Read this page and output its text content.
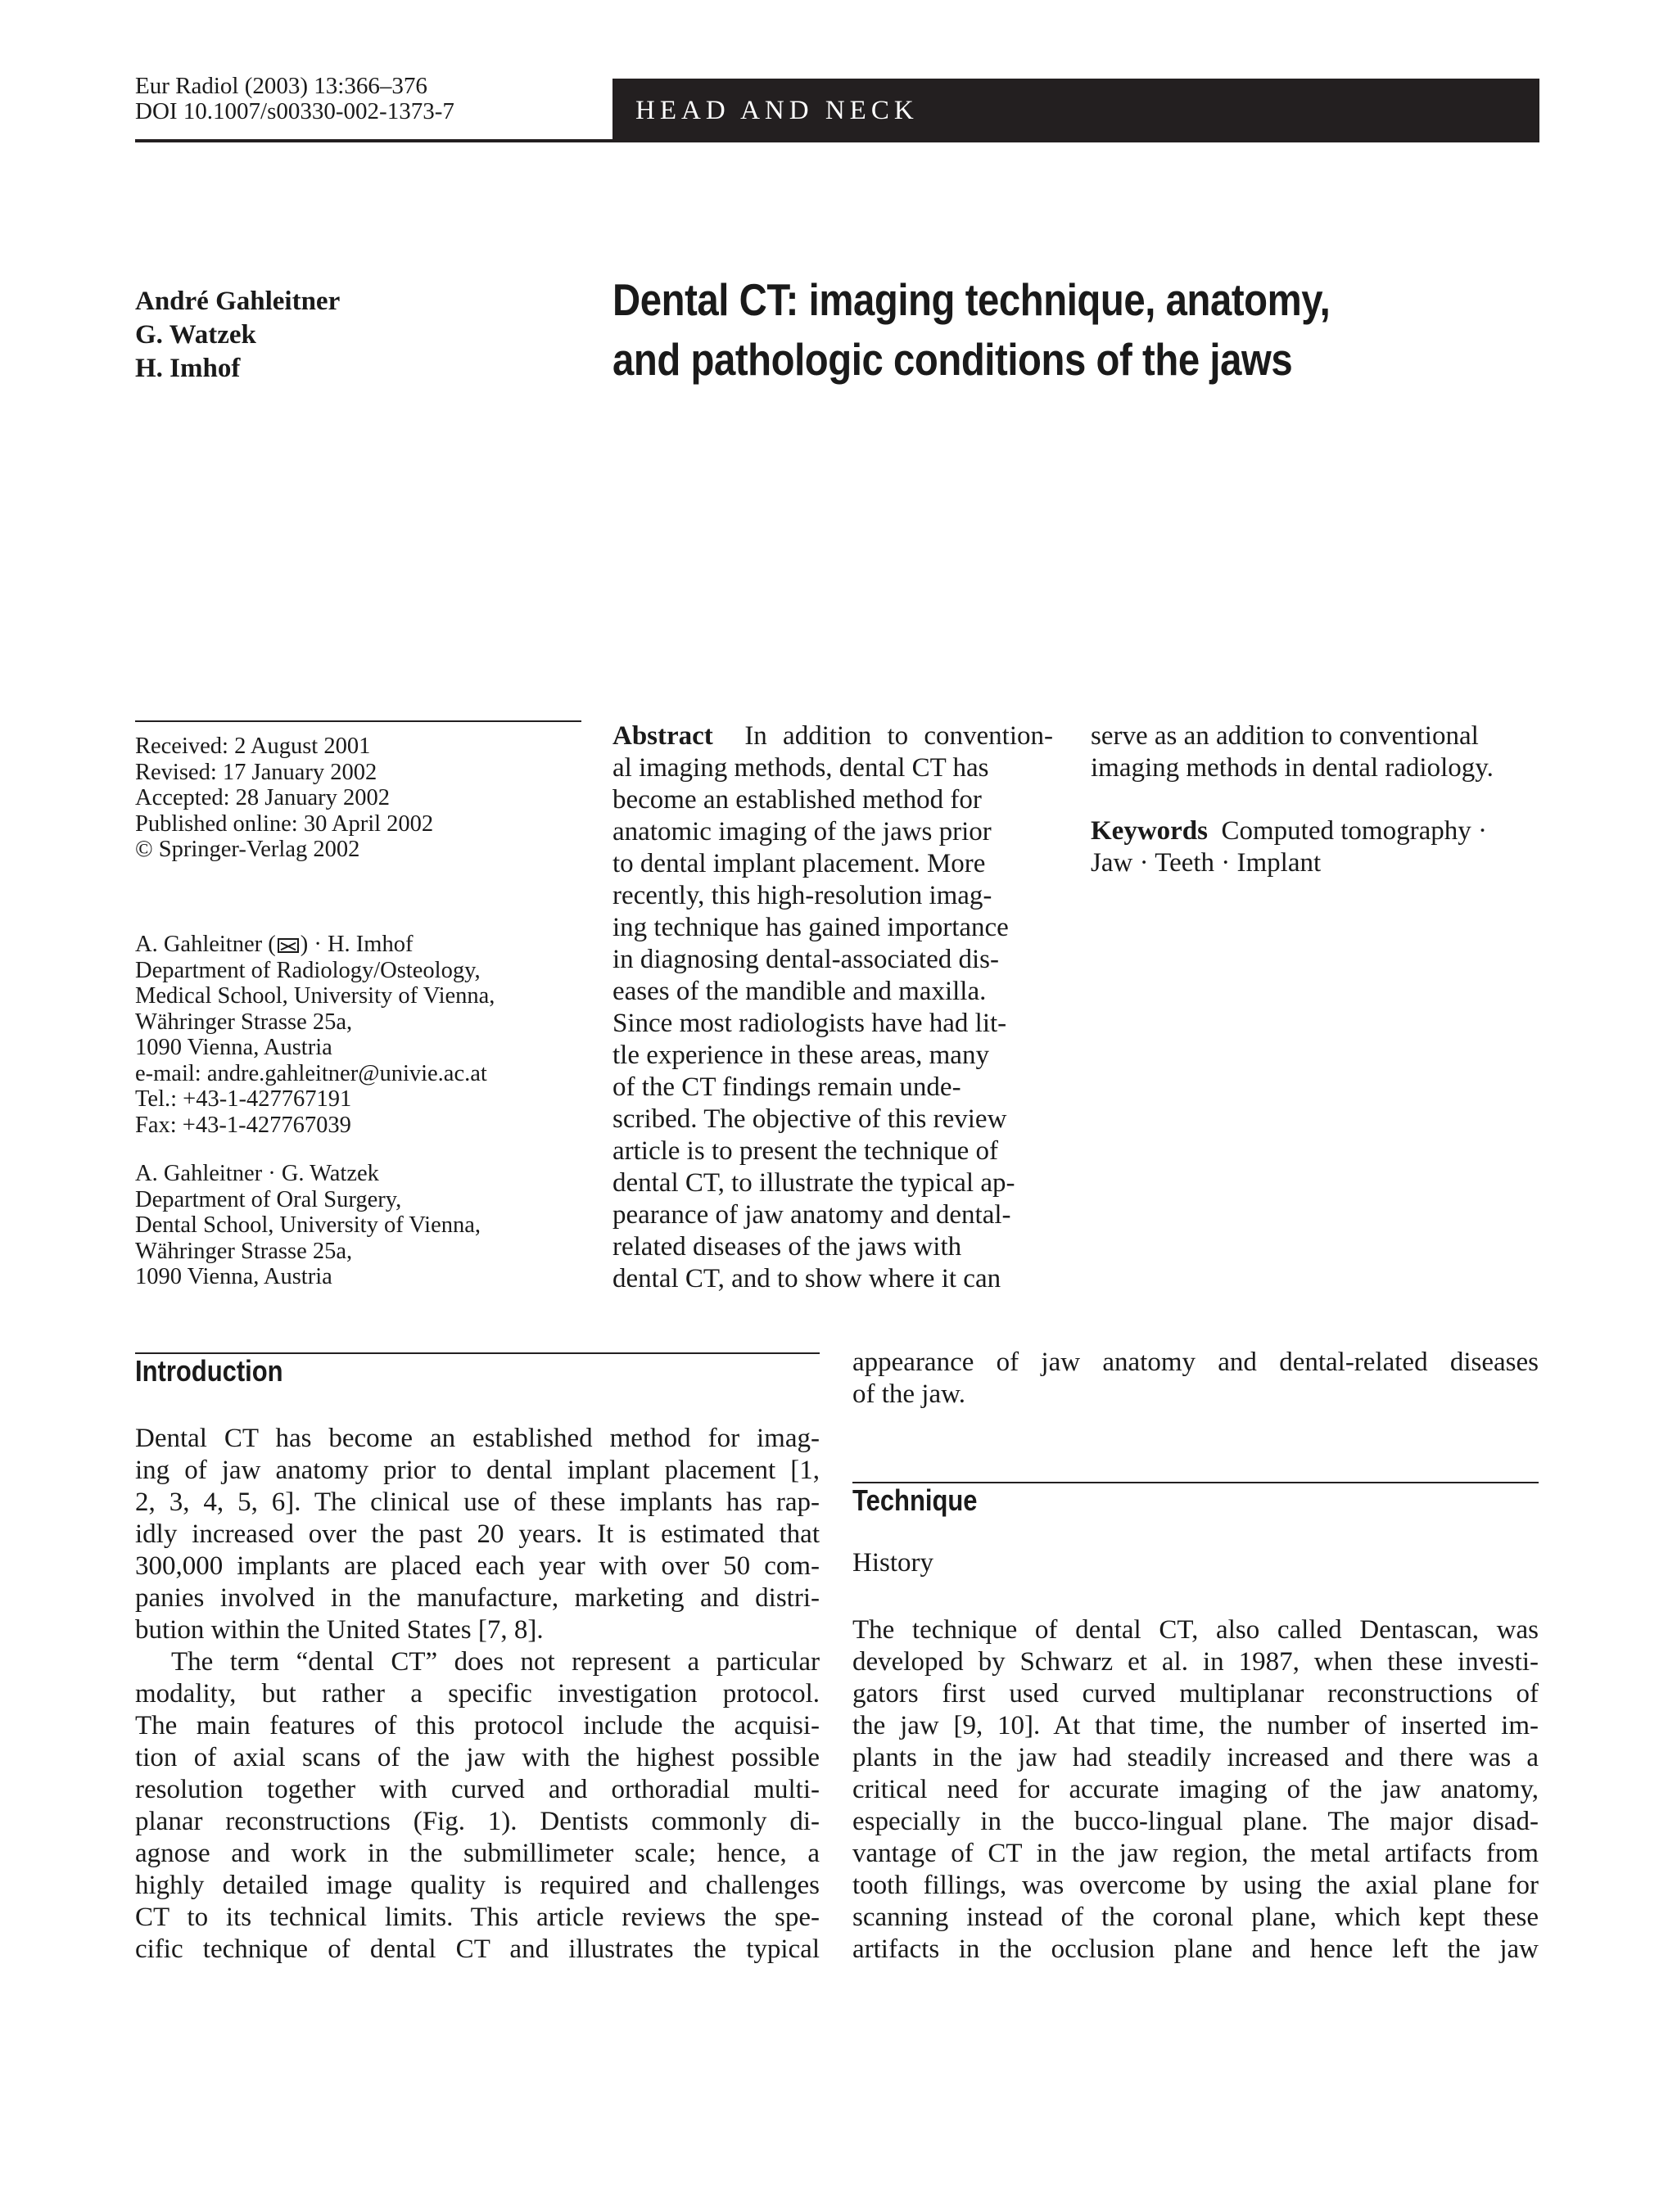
Eur Radiol (2003) 13:366–376
DOI 10.1007/s00330-002-1373-7	HEAD AND NECK
André Gahleitner
G. Watzek
H. Imhof
Dental CT: imaging technique, anatomy,
and pathologic conditions of the jaws
Received: 2 August 2001
Revised: 17 January 2002
Accepted: 28 January 2002
Published online: 30 April 2002
© Springer-Verlag 2002
A. Gahleitner ( ) · H. Imhof
Department of Radiology/Osteology,
Medical School, University of Vienna,
Währinger Strasse 25a,
1090 Vienna, Austria
e-mail: andre.gahleitner@univie.ac.at
Tel.: +43-1-427767191
Fax: +43-1-427767039
A. Gahleitner · G. Watzek
Department of Oral Surgery,
Dental School, University of Vienna,
Währinger Strasse 25a,
1090 Vienna, Austria
Abstract In addition to convention-
al imaging methods, dental CT has
become an established method for
anatomic imaging of the jaws prior
to dental implant placement. More
recently, this high-resolution imag-
ing technique has gained importance
in diagnosing dental-associated dis-
eases of the mandible and maxilla.
Since most radiologists have had lit-
tle experience in these areas, many
of the CT findings remain unde-
scribed. The objective of this review
article is to present the technique of
dental CT, to illustrate the typical ap-
pearance of jaw anatomy and dental-
related diseases of the jaws with
dental CT, and to show where it can
serve as an addition to conventional
imaging methods in dental radiology.
Keywords Computed tomography ·
Jaw · Teeth · Implant
Introduction
Dental CT has become an established method for imag-
ing of jaw anatomy prior to dental implant placement [1,
2, 3, 4, 5, 6]. The clinical use of these implants has rap-
idly increased over the past 20 years. It is estimated that
300,000 implants are placed each year with over 50 com-
panies involved in the manufacture, marketing and distri-
bution within the United States [7, 8].
The term “dental CT” does not represent a particular
modality, but rather a specific investigation protocol.
The main features of this protocol include the acquisi-
tion of axial scans of the jaw with the highest possible
resolution together with curved and orthoradial multi-
planar reconstructions (Fig. 1). Dentists commonly di-
agnose and work in the submillimeter scale; hence, a
highly detailed image quality is required and challenges
CT to its technical limits. This article reviews the spe-
cific technique of dental CT and illustrates the typical
appearance of jaw anatomy and dental-related diseases
of the jaw.
Technique
History
The technique of dental CT, also called Dentascan, was
developed by Schwarz et al. in 1987, when these investi-
gators first used curved multiplanar reconstructions of
the jaw [9, 10]. At that time, the number of inserted im-
plants in the jaw had steadily increased and there was a
critical need for accurate imaging of the jaw anatomy,
especially in the bucco-lingual plane. The major disad-
vantage of CT in the jaw region, the metal artifacts from
tooth fillings, was overcome by using the axial plane for
scanning instead of the coronal plane, which kept these
artifacts in the occlusion plane and hence left the jaw
